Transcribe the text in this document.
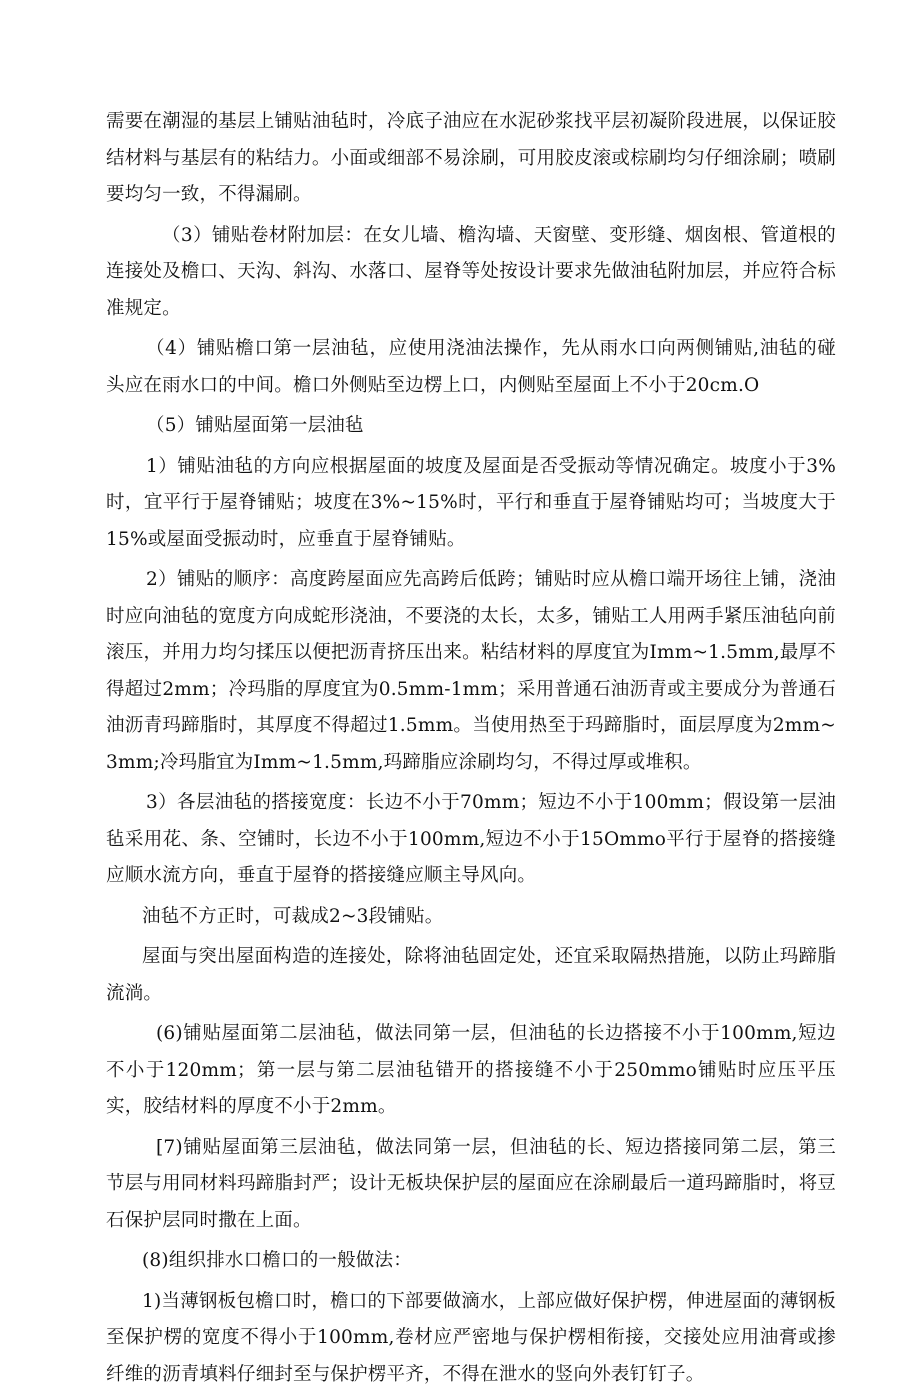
需要在潮湿的基层上铺贴油毡时，冷底子油应在水泥砂浆找平层初凝阶段进展，以保证胶结材料与基层有的粘结力。小面或细部不易涂刷，可用胶皮滚或棕刷均匀仔细涂刷；喷刷要均匀一致，不得漏刷。

（3）铺贴卷材附加层：在女儿墙、檐沟墙、天窗壁、变形缝、烟囱根、管道根的连接处及檐口、天沟、斜沟、水落口、屋脊等处按设计要求先做油毡附加层，并应符合标准规定。

（4）铺贴檐口第一层油毡，应使用浇油法操作，先从雨水口向两侧铺贴,油毡的碰头应在雨水口的中间。檐口外侧贴至边楞上口，内侧贴至屋面上不小于20cm.O

（5）铺贴屋面第一层油毡

1）铺贴油毡的方向应根据屋面的坡度及屋面是否受振动等情况确定。坡度小于3%时，宜平行于屋脊铺贴；坡度在3%~15%时，平行和垂直于屋脊铺贴均可；当坡度大于15%或屋面受振动时，应垂直于屋脊铺贴。

2）铺贴的顺序：高度跨屋面应先高跨后低跨；铺贴时应从檐口端开场往上铺，浇油时应向油毡的宽度方向成蛇形浇油，不要浇的太长，太多，铺贴工人用两手紧压油毡向前滚压，并用力均匀揉压以便把沥青挤压出来。粘结材料的厚度宜为Imm~1.5mm,最厚不得超过2mm；冷玛脂的厚度宜为0.5mm-1mm；采用普通石油沥青或主要成分为普通石油沥青玛蹄脂时，其厚度不得超过1.5mm。当使用热至于玛蹄脂时，面层厚度为2mm~3mm;冷玛脂宜为Imm~1.5mm,玛蹄脂应涂刷均匀，不得过厚或堆积。

3）各层油毡的搭接宽度：长边不小于70mm；短边不小于100mm；假设第一层油毡采用花、条、空铺时，长边不小于100mm,短边不小于15Ommo平行于屋脊的搭接缝应顺水流方向，垂直于屋脊的搭接缝应顺主导风向。

油毡不方正时，可裁成2~3段铺贴。

屋面与突出屋面构造的连接处，除将油毡固定处，还宜采取隔热措施，以防止玛蹄脂流淌。

(6)铺贴屋面第二层油毡，做法同第一层，但油毡的长边搭接不小于100mm,短边不小于120mm；第一层与第二层油毡错开的搭接缝不小于250mmo铺贴时应压平压实，胶结材料的厚度不小于2mm。

[7)铺贴屋面第三层油毡，做法同第一层，但油毡的长、短边搭接同第二层，第三节层与用同材料玛蹄脂封严；设计无板块保护层的屋面应在涂刷最后一道玛蹄脂时，将豆石保护层同时撒在上面。

(8)组织排水口檐口的一般做法：

1)当薄钢板包檐口时，檐口的下部要做滴水，上部应做好保护楞，伸进屋面的薄钢板至保护楞的宽度不得小于100mm,卷材应严密地与保护楞相衔接，交接处应用油膏或掺纤维的沥青填料仔细封至与保护楞平齐，不得在泄水的竖向外表钉钉子。
